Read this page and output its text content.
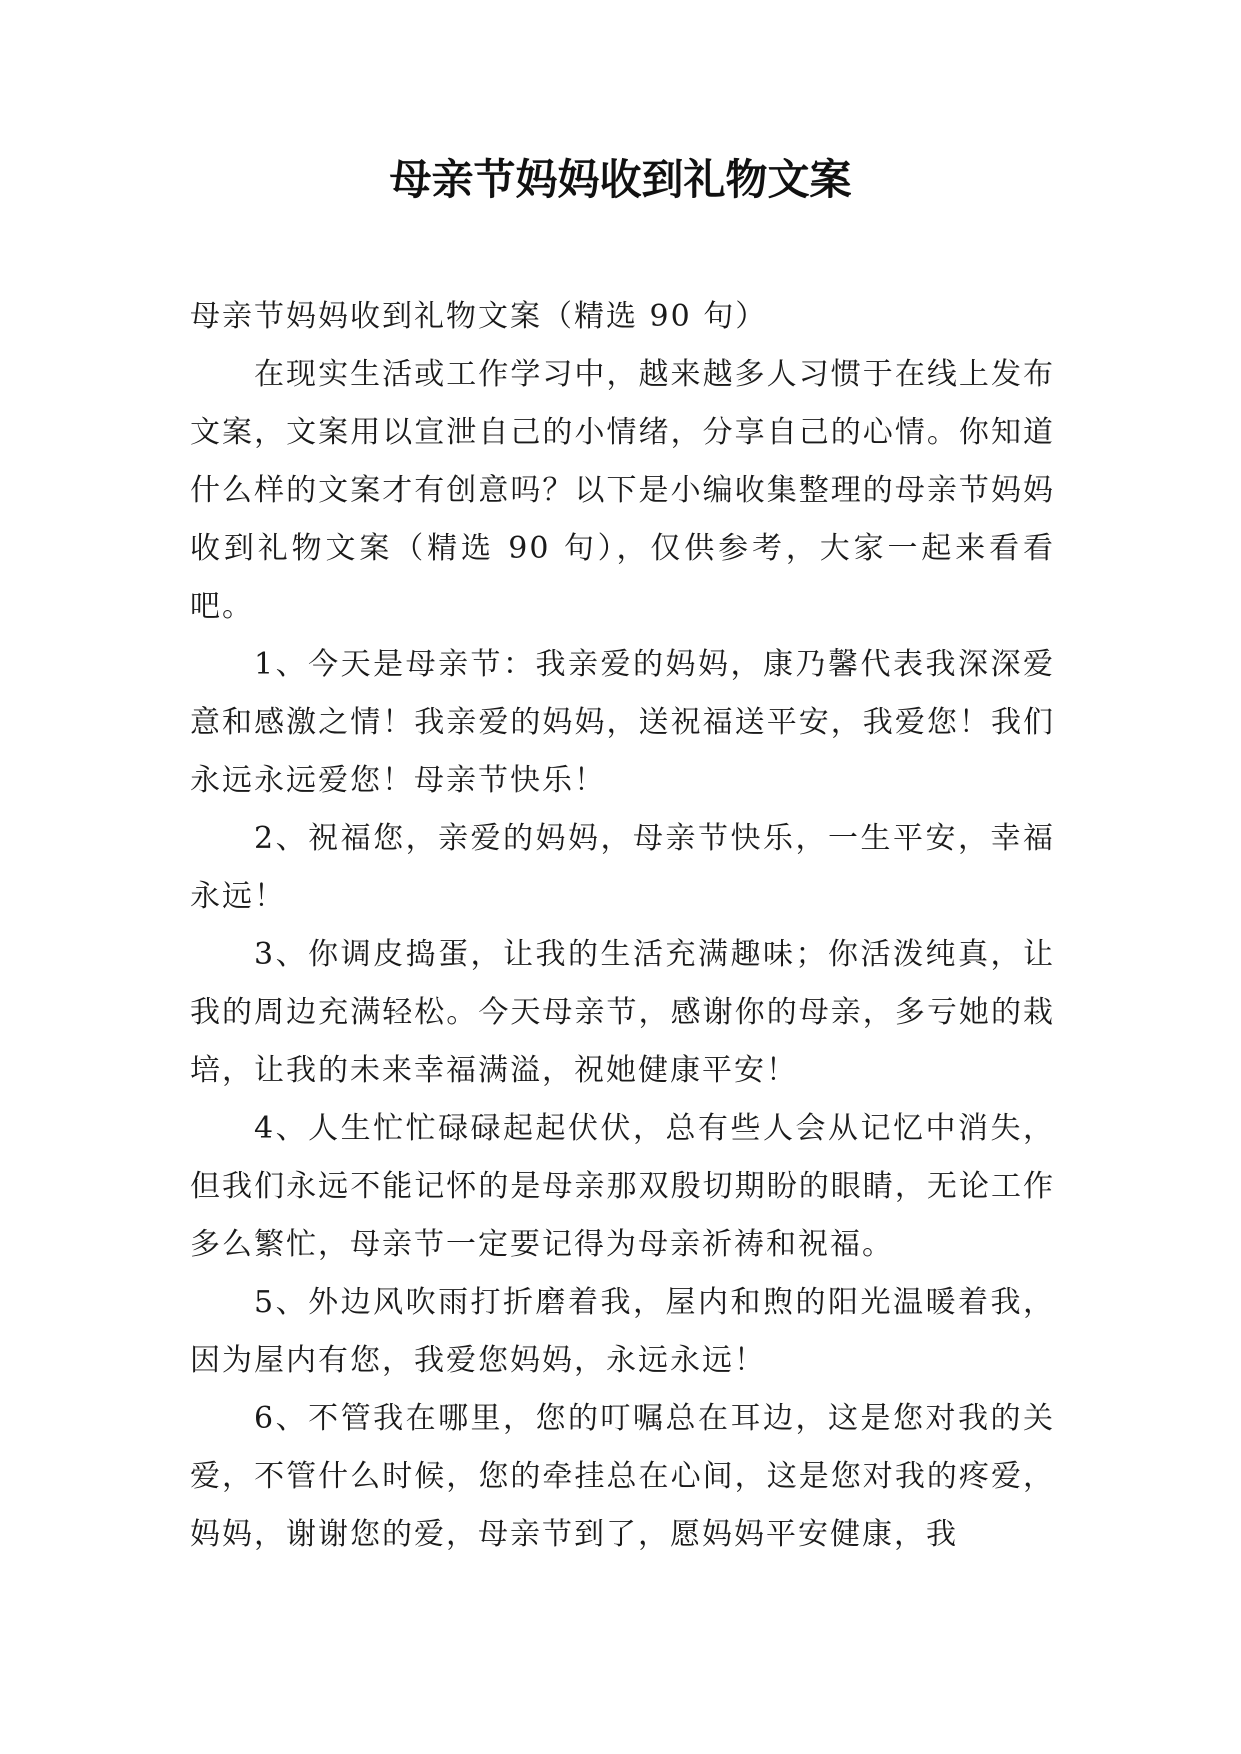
母亲节妈妈收到礼物文案

母亲节妈妈收到礼物文案（精选 90 句）

在现实生活或工作学习中，越来越多人习惯于在线上发布文案，文案用以宣泄自己的小情绪，分享自己的心情。你知道什么样的文案才有创意吗？以下是小编收集整理的母亲节妈妈收到礼物文案（精选 90 句），仅供参考，大家一起来看看吧。

1、今天是母亲节：我亲爱的妈妈，康乃馨代表我深深爱意和感激之情！我亲爱的妈妈，送祝福送平安，我爱您！我们永远永远爱您！母亲节快乐！

2、祝福您，亲爱的妈妈，母亲节快乐，一生平安，幸福永远！

3、你调皮捣蛋，让我的生活充满趣味；你活泼纯真，让我的周边充满轻松。今天母亲节，感谢你的母亲，多亏她的栽培，让我的未来幸福满溢，祝她健康平安！

4、人生忙忙碌碌起起伏伏，总有些人会从记忆中消失，但我们永远不能记怀的是母亲那双殷切期盼的眼睛，无论工作多么繁忙，母亲节一定要记得为母亲祈祷和祝福。

5、外边风吹雨打折磨着我，屋内和煦的阳光温暖着我，因为屋内有您，我爱您妈妈，永远永远！

6、不管我在哪里，您的叮嘱总在耳边，这是您对我的关爱，不管什么时候，您的牵挂总在心间，这是您对我的疼爱，妈妈，谢谢您的爱，母亲节到了，愿妈妈平安健康，我
